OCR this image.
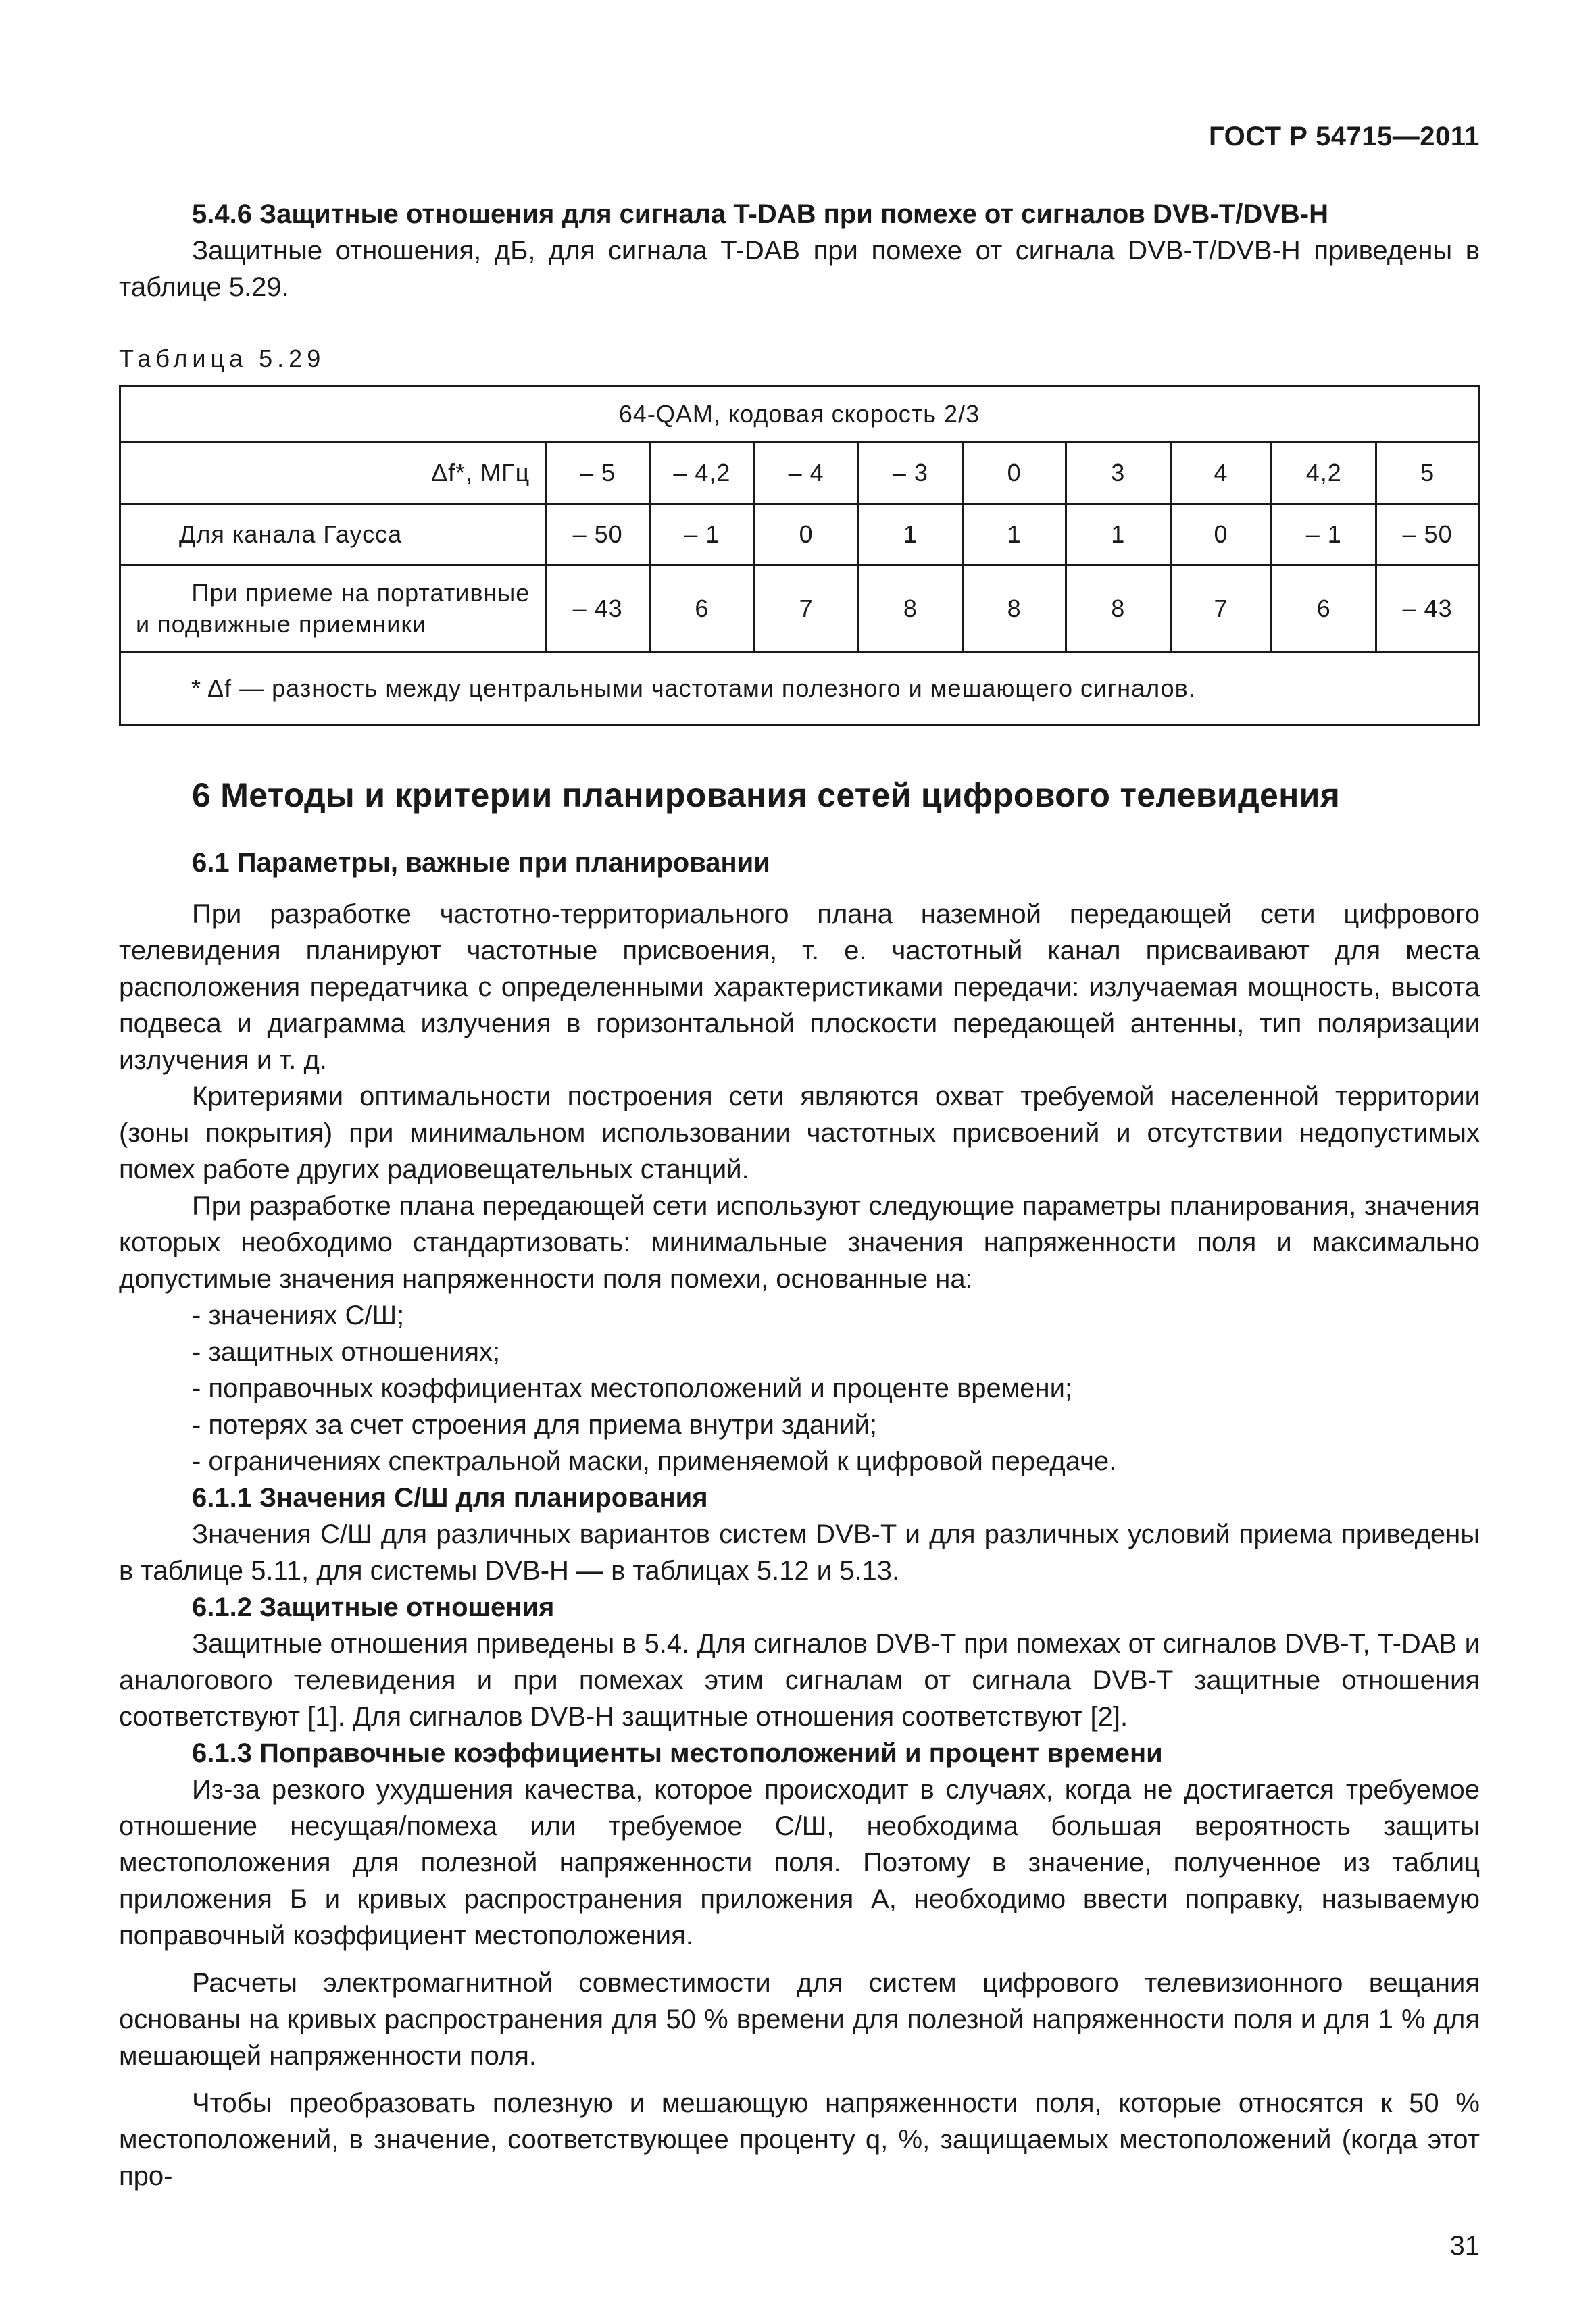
ГОСТ Р 54715—2011

5.4.6 Защитные отношения для сигнала T-DAB при помехе от сигналов DVB-T/DVB-H

Защитные отношения, дБ, для сигнала T-DAB при помехе от сигнала DVB-T/DVB-H приведены в таблице 5.29.

Таблица 5.29
64-QAM, кодовая скорость 2/3									
Δf*, МГц	– 5	– 4,2	– 4	– 3	0	3	4	4,2	5
Для канала Гаусса	– 50	– 1	0	1	1	1	0	– 1	– 50

При приеме на портативные
и подвижные приемники	– 43	6	7	8	8	8	7	6	– 43
* Δf — разность между центральными частотами полезного и мешающего сигналов.									
6 Методы и критерии планирования сетей цифрового телевидения

6.1 Параметры, важные при планировании

При разработке частотно-территориального плана наземной передающей сети цифрового телевидения планируют частотные присвоения, т. е. частотный канал присваивают для места расположения передатчика с определенными характеристиками передачи: излучаемая мощность, высота подвеса и диаграмма излучения в горизонтальной плоскости передающей антенны, тип поляризации излучения и т. д.

Критериями оптимальности построения сети являются охват требуемой населенной территории (зоны покрытия) при минимальном использовании частотных присвоений и отсутствии недопустимых помех работе других радиовещательных станций.

При разработке плана передающей сети используют следующие параметры планирования, значения которых необходимо стандартизовать: минимальные значения напряженности поля и максимально допустимые значения напряженности поля помехи, основанные на:

- значениях С/Ш;
- защитных отношениях;
- поправочных коэффициентах местоположений и проценте времени;
- потерях за счет строения для приема внутри зданий;
- ограничениях спектральной маски, применяемой к цифровой передаче.

6.1.1 Значения С/Ш для планирования

Значения С/Ш для различных вариантов систем DVB-T и для различных условий приема приведены в таблице 5.11, для системы DVB-H — в таблицах 5.12 и 5.13.

6.1.2 Защитные отношения

Защитные отношения приведены в 5.4. Для сигналов DVB-T при помехах от сигналов DVB-T, T-DAB и аналогового телевидения и при помехах этим сигналам от сигнала DVB-T защитные отношения соответствуют [1]. Для сигналов DVB-H защитные отношения соответствуют [2].

6.1.3 Поправочные коэффициенты местоположений и процент времени

Из-за резкого ухудшения качества, которое происходит в случаях, когда не достигается требуемое отношение несущая/помеха или требуемое С/Ш, необходима большая вероятность защиты местоположения для полезной напряженности поля. Поэтому в значение, полученное из таблиц приложения Б и кривых распространения приложения А, необходимо ввести поправку, называемую поправочный коэффициент местоположения.

Расчеты электромагнитной совместимости для систем цифрового телевизионного вещания основаны на кривых распространения для 50 % времени для полезной напряженности поля и для 1 % для мешающей напряженности поля.

Чтобы преобразовать полезную и мешающую напряженности поля, которые относятся к 50 % местоположений, в значение, соответствующее проценту q, %, защищаемых местоположений (когда этот про-

31
